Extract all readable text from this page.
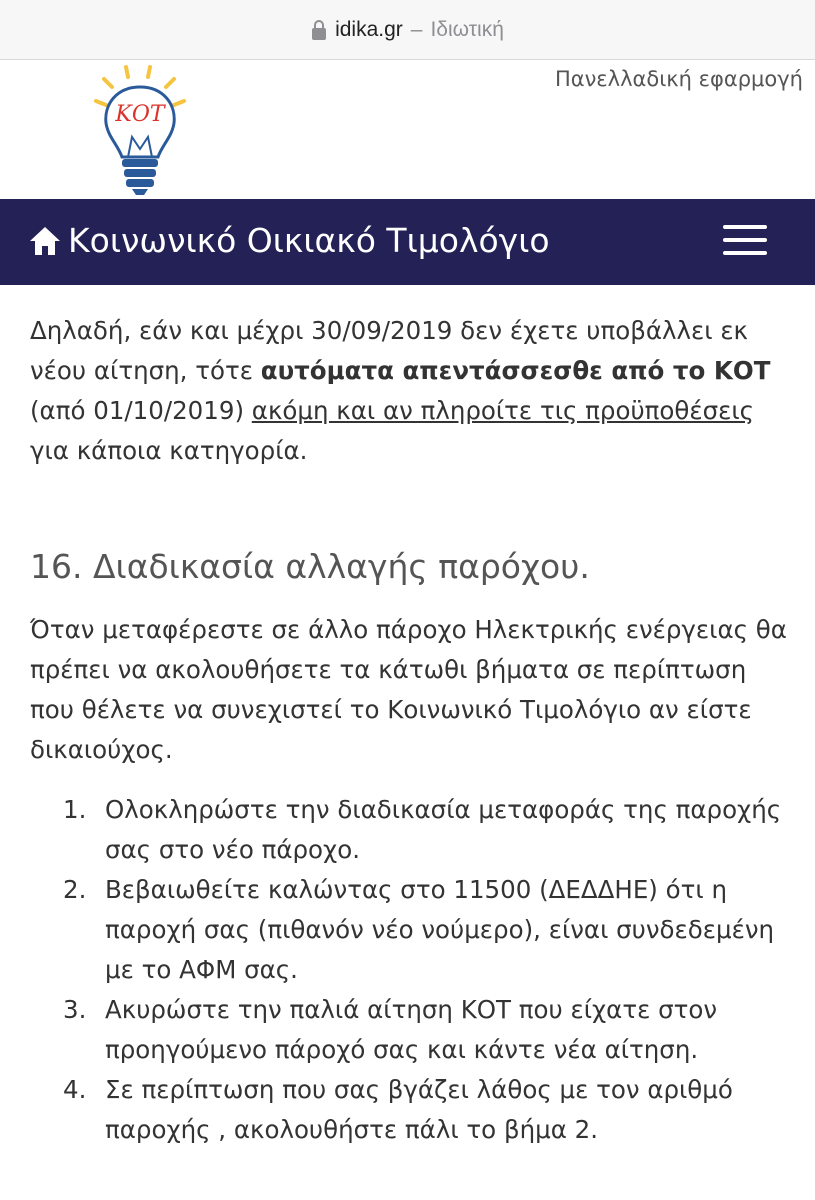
idika.gr – Ιδιωτική
ΚΟΤ
Πανελλαδική εφαρμογή
Κοινωνικό Οικιακό Τιμολόγιο

Δηλαδή, εάν και μέχρι 30/09/2019 δεν έχετε υποβάλλει εκ νέου αίτηση, τότε αυτόματα απεντάσσεσθε από το ΚΟΤ (από 01/10/2019) ακόμη και αν πληροίτε τις προϋποθέσεις για κάποια κατηγορία.

16. Διαδικασία αλλαγής παρόχου.

Όταν μεταφέρεστε σε άλλο πάροχο Ηλεκτρικής ενέργειας θα πρέπει να ακολουθήσετε τα κάτωθι βήματα σε περίπτωση που θέλετε να συνεχιστεί το Κοινωνικό Τιμολόγιο αν είστε δικαιούχος.

1. Ολοκληρώστε την διαδικασία μεταφοράς της παροχής σας στο νέο πάροχο.
2. Βεβαιωθείτε καλώντας στο 11500 (ΔΕΔΔΗΕ) ότι η παροχή σας (πιθανόν νέο νούμερο), είναι συνδεδεμένη με το ΑΦΜ σας.
3. Ακυρώστε την παλιά αίτηση ΚΟΤ που είχατε στον προηγούμενο πάροχό σας και κάντε νέα αίτηση.
4. Σε περίπτωση που σας βγάζει λάθος με τον αριθμό παροχής , ακολουθήστε πάλι το βήμα 2.
